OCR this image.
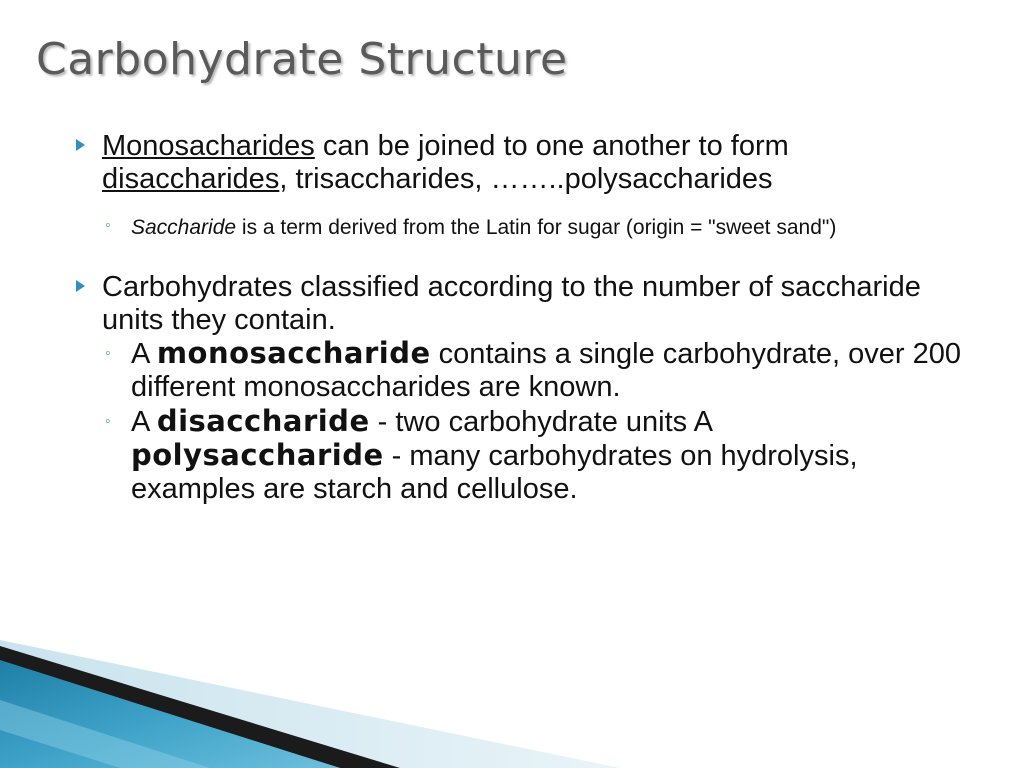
Carbohydrate Structure
Monosacharides can be joined to one another to form disaccharides, trisaccharides, ……..polysaccharides
◦ Saccharide is a term derived from the Latin for sugar (origin = "sweet sand")
Carbohydrates classified according to the number of saccharide units they contain.
◦ A monosaccharide contains a single carbohydrate, over 200 different monosaccharides are known.
◦ A disaccharide - two carbohydrate units A polysaccharide - many carbohydrates on hydrolysis, examples are starch and cellulose.
